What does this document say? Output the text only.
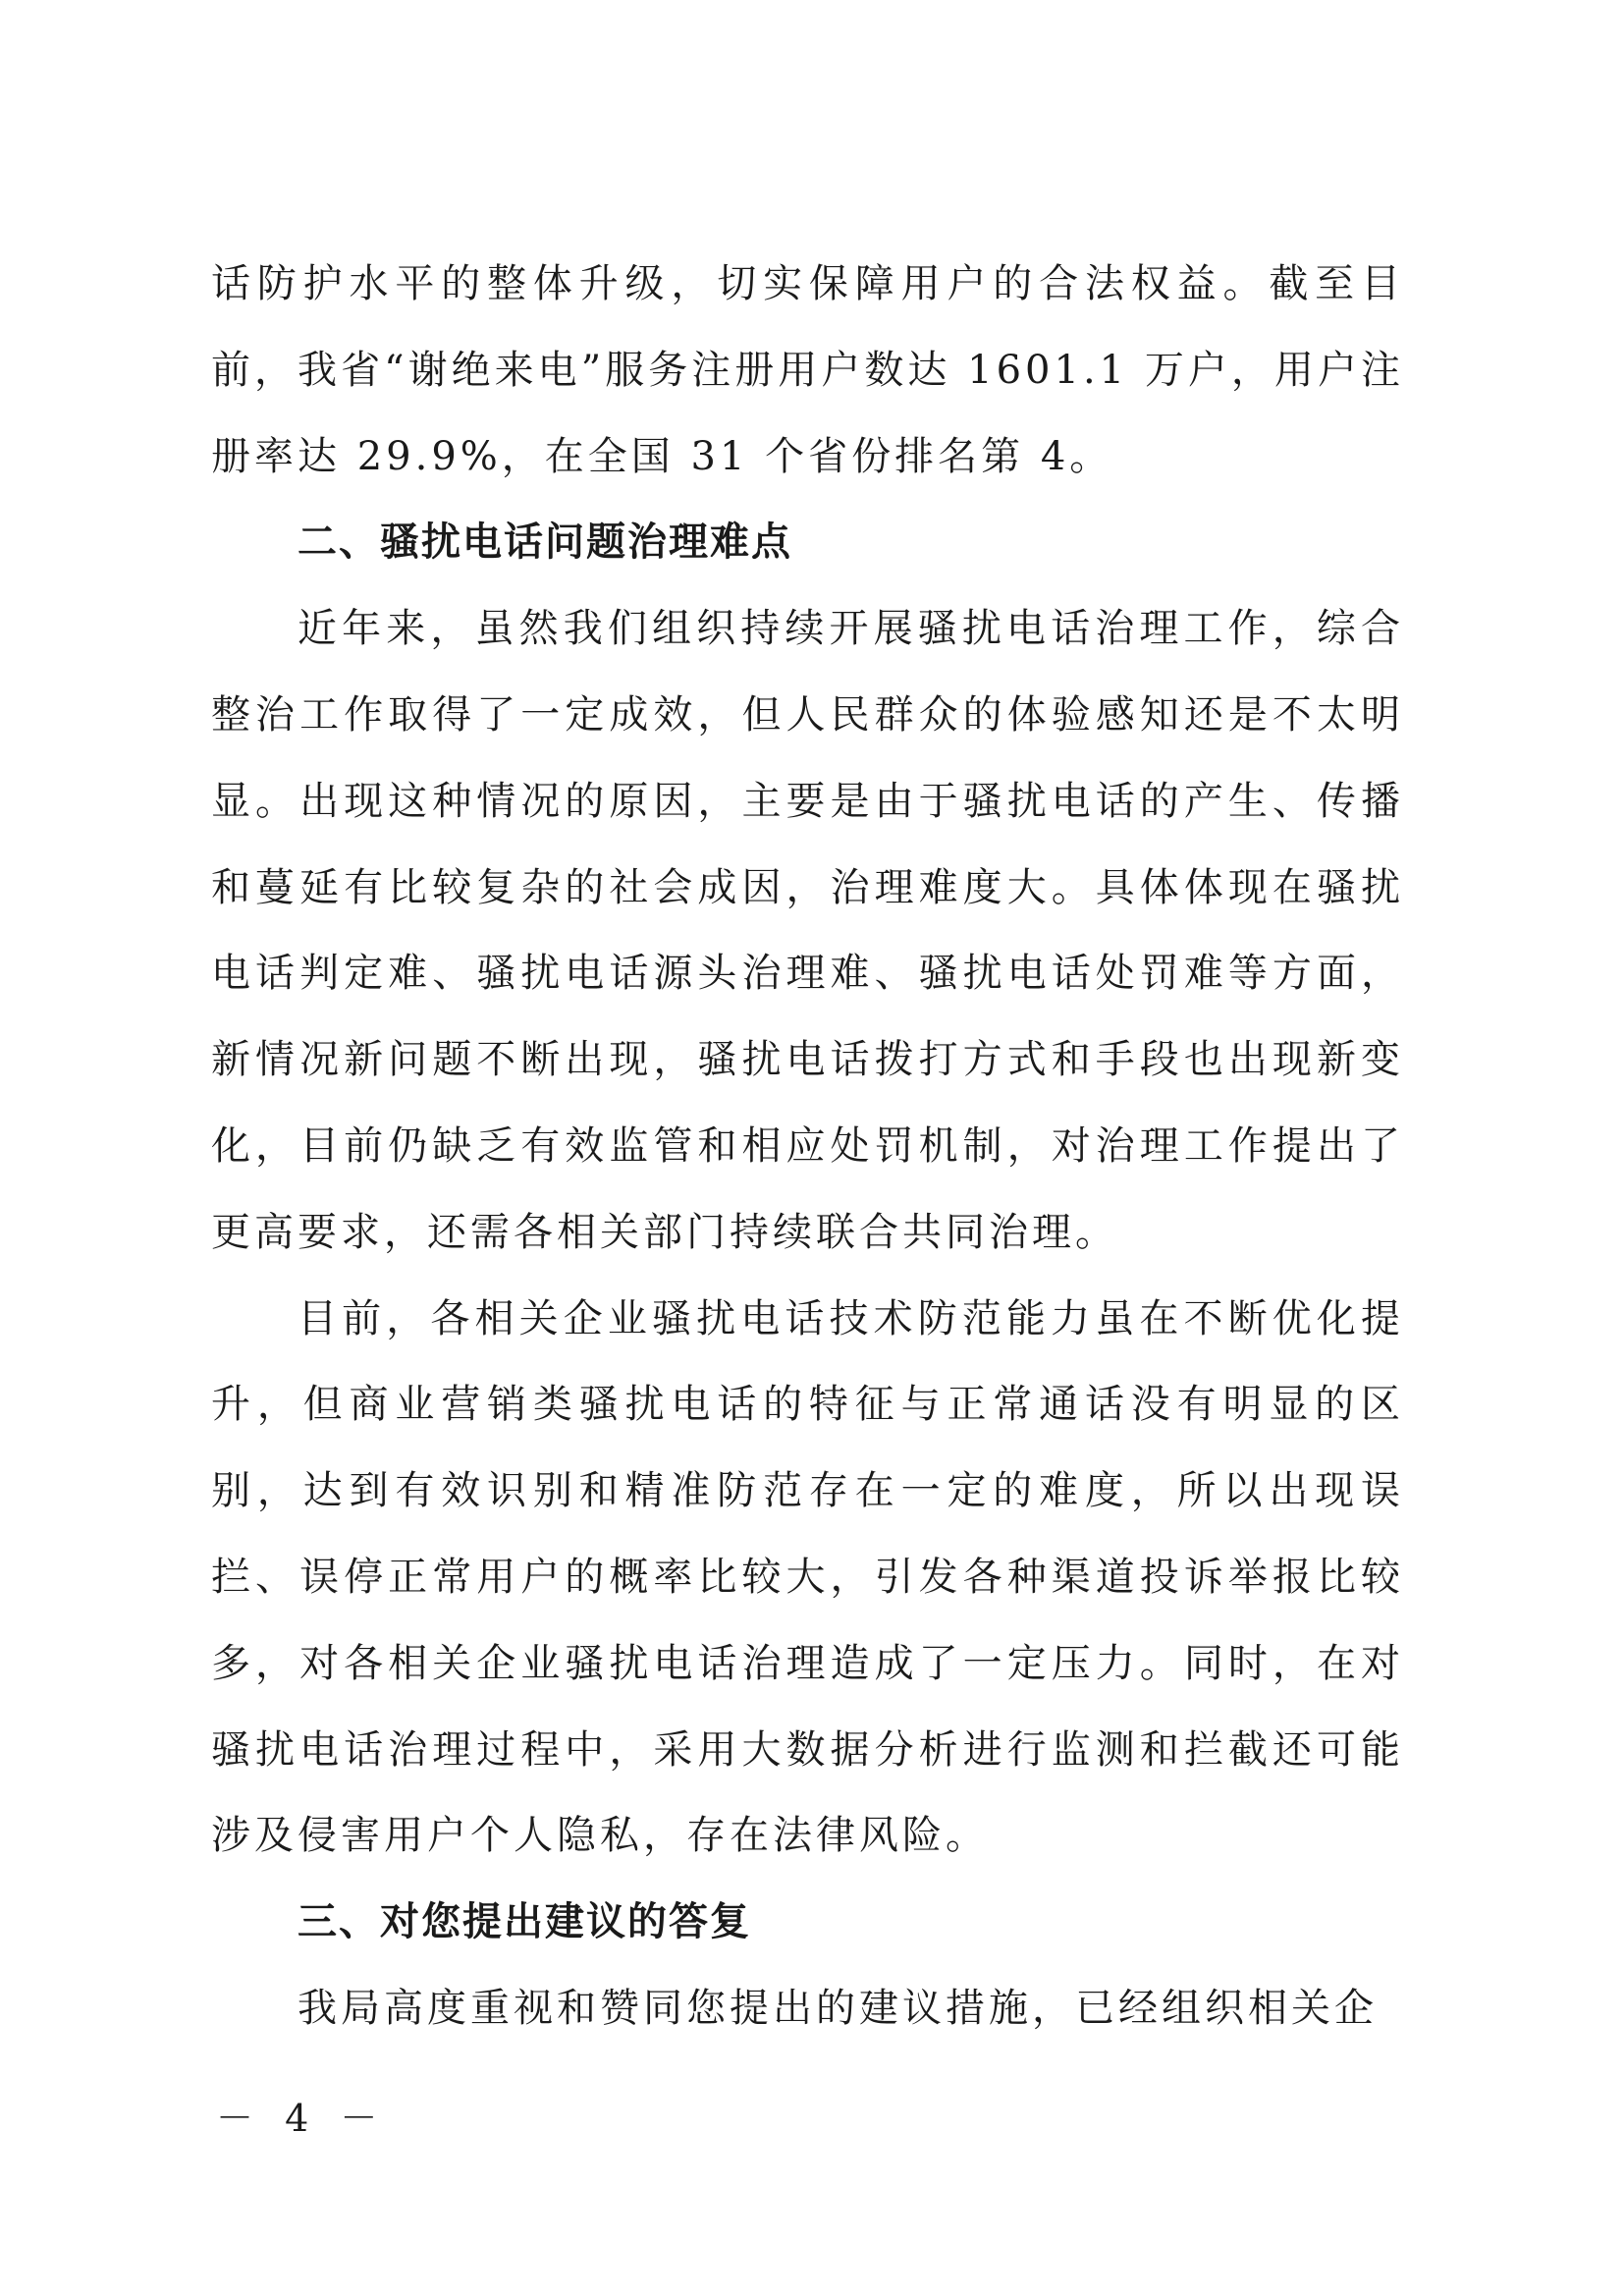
话防护水平的整体升级，切实保障用户的合法权益。截至目前，我省“谢绝来电”服务注册用户数达 1601.1 万户，用户注册率达 29.9%，在全国 31 个省份排名第 4。

二、骚扰电话问题治理难点

近年来，虽然我们组织持续开展骚扰电话治理工作，综合整治工作取得了一定成效，但人民群众的体验感知还是不太明显。出现这种情况的原因，主要是由于骚扰电话的产生、传播和蔓延有比较复杂的社会成因，治理难度大。具体体现在骚扰电话判定难、骚扰电话源头治理难、骚扰电话处罚难等方面，新情况新问题不断出现，骚扰电话拨打方式和手段也出现新变化，目前仍缺乏有效监管和相应处罚机制，对治理工作提出了更高要求，还需各相关部门持续联合共同治理。

目前，各相关企业骚扰电话技术防范能力虽在不断优化提升，但商业营销类骚扰电话的特征与正常通话没有明显的区别，达到有效识别和精准防范存在一定的难度，所以出现误拦、误停正常用户的概率比较大，引发各种渠道投诉举报比较多，对各相关企业骚扰电话治理造成了一定压力。同时，在对骚扰电话治理过程中，采用大数据分析进行监测和拦截还可能涉及侵害用户个人隐私，存在法律风险。

三、对您提出建议的答复

我局高度重视和赞同您提出的建议措施，已经组织相关企

－ 4 －
